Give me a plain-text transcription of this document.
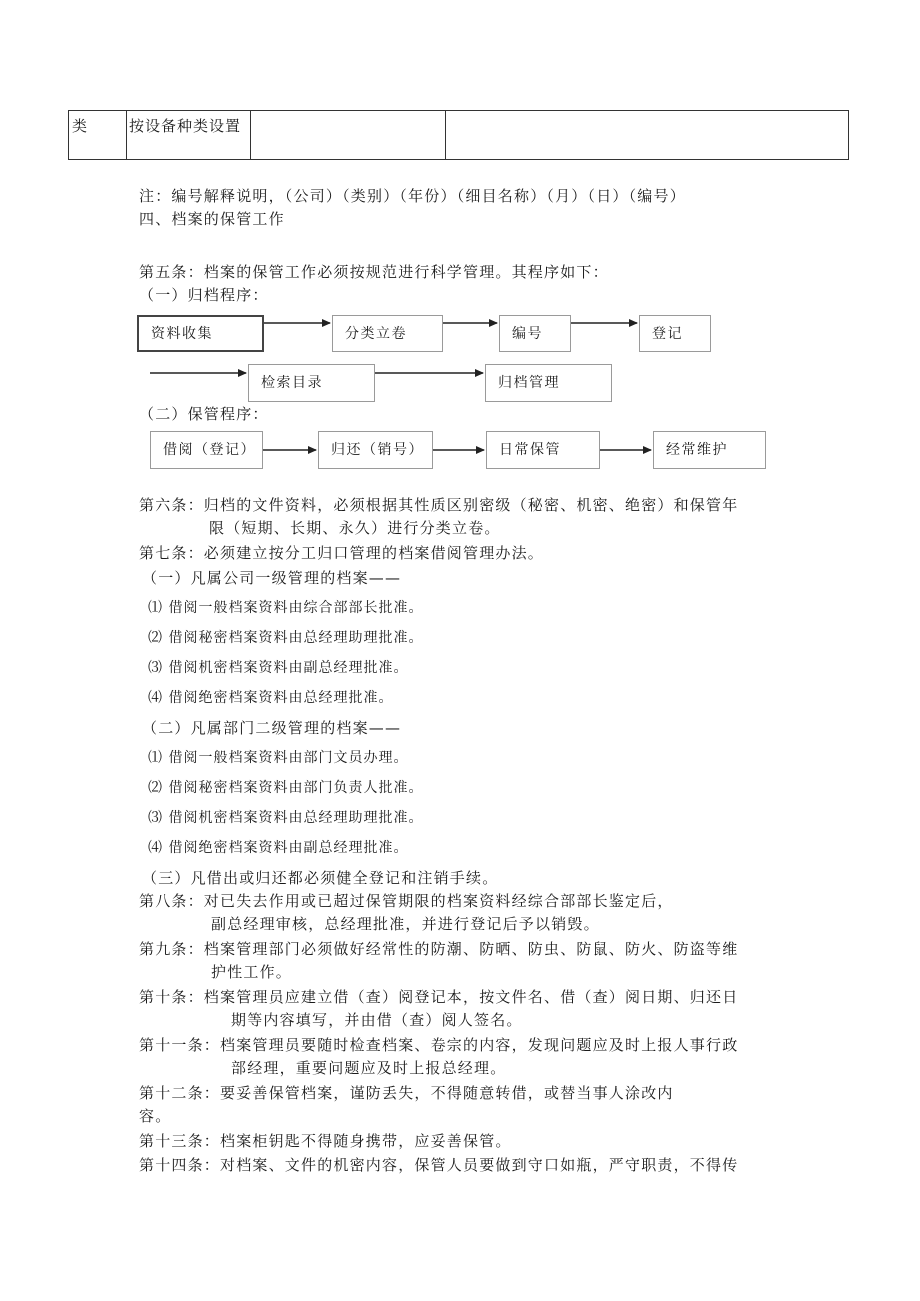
类	按设备种类设置
注：编号解释说明，（公司）（类别）（年份）（细目名称）（月）（日）（编号）
四、档案的保管工作
第五条：档案的保管工作必须按规范进行科学管理。其程序如下：
（一）归档程序：
资料收集	分类立卷	编号	登记
检索目录	归档管理
（二）保管程序：
借阅（登记）	归还（销号）	日常保管	经常维护
第六条：归档的文件资料，必须根据其性质区别密级（秘密、机密、绝密）和保管年
限（短期、长期、永久）进行分类立卷。
第七条：必须建立按分工归口管理的档案借阅管理办法。
（一）凡属公司一级管理的档案——
⑴ 借阅一般档案资料由综合部部长批准。
⑵ 借阅秘密档案资料由总经理助理批准。
⑶ 借阅机密档案资料由副总经理批准。
⑷ 借阅绝密档案资料由总经理批准。
（二）凡属部门二级管理的档案——
⑴ 借阅一般档案资料由部门文员办理。
⑵ 借阅秘密档案资料由部门负责人批准。
⑶ 借阅机密档案资料由总经理助理批准。
⑷ 借阅绝密档案资料由副总经理批准。
（三）凡借出或归还都必须健全登记和注销手续。
第八条：对已失去作用或已超过保管期限的档案资料经综合部部长鉴定后，
副总经理审核，总经理批准，并进行登记后予以销毁。
第九条：档案管理部门必须做好经常性的防潮、防晒、防虫、防鼠、防火、防盗等维
护性工作。
第十条：档案管理员应建立借（查）阅登记本，按文件名、借（查）阅日期、归还日
期等内容填写，并由借（查）阅人签名。
第十一条：档案管理员要随时检查档案、卷宗的内容，发现问题应及时上报人事行政
部经理，重要问题应及时上报总经理。
第十二条：要妥善保管档案，谨防丢失，不得随意转借，或替当事人涂改内
容。
第十三条：档案柜钥匙不得随身携带，应妥善保管。
第十四条：对档案、文件的机密内容，保管人员要做到守口如瓶，严守职责，不得传
